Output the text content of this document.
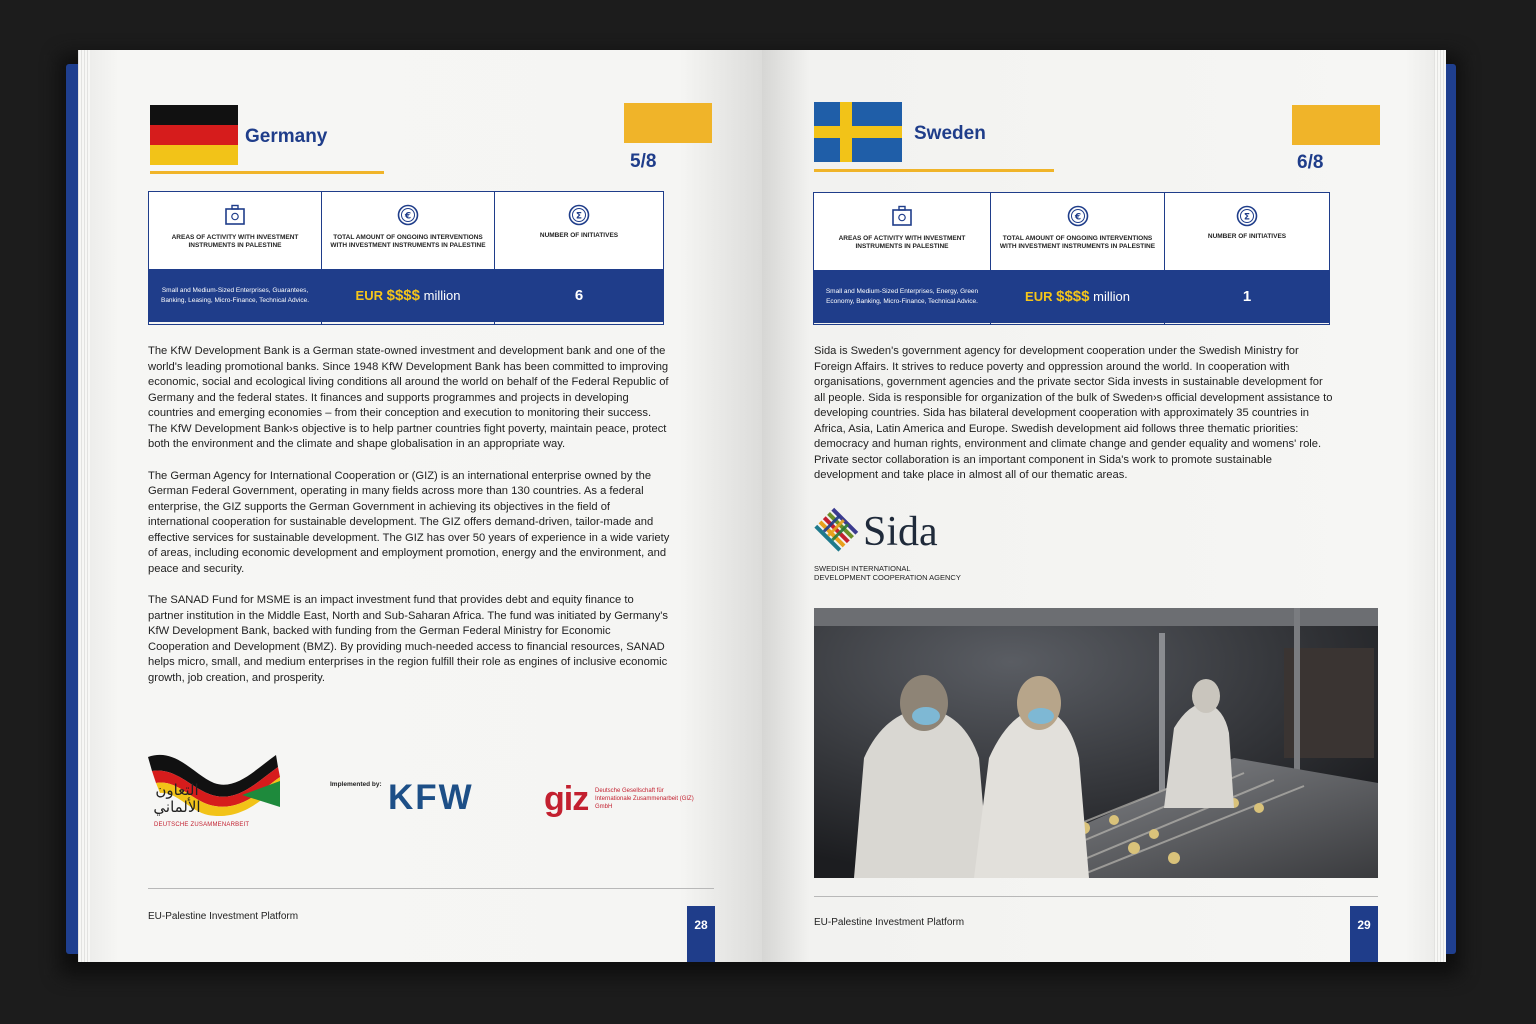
Germany
5/8
AREAS OF ACTIVITY WITH INVESTMENT INSTRUMENTS IN PALESTINE
Small and Medium-Sized Enterprises, Guarantees, Banking, Leasing, Micro-Finance, Technical Advice.
€
TOTAL AMOUNT OF ONGOING INTERVENTIONS WITH INVESTMENT INSTRUMENTS IN PALESTINE
EUR $$$$ million
Σ
NUMBER OF INITIATIVES
6

The KfW Development Bank is a German state-owned investment and development bank and one of the world's leading promotional banks. Since 1948 KfW Development Bank has been committed to improving economic, social and ecological living conditions all around the world on behalf of the Federal Republic of Germany and the federal states. It finances and supports programmes and projects in developing countries and emerging economies – from their conception and execution to monitoring their success. The KfW Development Bank›s objective is to help partner countries fight poverty, maintain peace, protect both the environment and the climate and shape globalisation in an appropriate way.

The German Agency for International Cooperation or (GIZ) is an international enterprise owned by the German Federal Government, operating in many fields across more than 130 countries. As a federal enterprise, the GIZ supports the German Government in achieving its objectives in the field of international cooperation for sustainable development. The GIZ offers demand-driven, tailor-made and effective services for sustainable development. The GIZ has over 50 years of experience in a wide variety of areas, including economic development and employment promotion, energy and the environment, and peace and security.

The SANAD Fund for MSME is an impact investment fund that provides debt and equity finance to partner institution in the Middle East, North and Sub-Saharan Africa. The fund was initiated by Germany's KfW Development Bank, backed with funding from the German Federal Ministry for Economic Cooperation and Development (BMZ). By providing much-needed access to financial resources, SANAD helps micro, small, and medium enterprises in the region fulfill their role as engines of inclusive economic growth, job creation, and prosperity.

التعاون
الألماني
DEUTSCHE ZUSAMMENARBEIT
Implemented by: KFW giz Deutsche Gesellschaft für Internationale Zusammenarbeit (GIZ) GmbH
EU-Palestine Investment Platform
28
Sweden
6/8
AREAS OF ACTIVITY WITH INVESTMENT INSTRUMENTS IN PALESTINE
Small and Medium-Sized Enterprises, Energy, Green Economy, Banking, Micro-Finance, Technical Advice.
€
TOTAL AMOUNT OF ONGOING INTERVENTIONS WITH INVESTMENT INSTRUMENTS IN PALESTINE
EUR $$$$ million
Σ
NUMBER OF INITIATIVES
1
Sida is Sweden's government agency for development cooperation under the Swedish Ministry for Foreign Affairs. It strives to reduce poverty and oppression around the world. In cooperation with organisations, government agencies and the private sector Sida invests in sustainable development for all people. Sida is responsible for organization of the bulk of Sweden›s official development assistance to developing countries. Sida has bilateral development cooperation with approximately 35 countries in Africa, Asia, Latin America and Europe. Swedish development aid follows three thematic priorities: democracy and human rights, environment and climate change and gender equality and womens' role. Private sector collaboration is an important component in Sida's work to promote sustainable development and take place in almost all of our thematic areas.
Sida
SWEDISH INTERNATIONAL
DEVELOPMENT COOPERATION AGENCY
EU-Palestine Investment Platform	29
